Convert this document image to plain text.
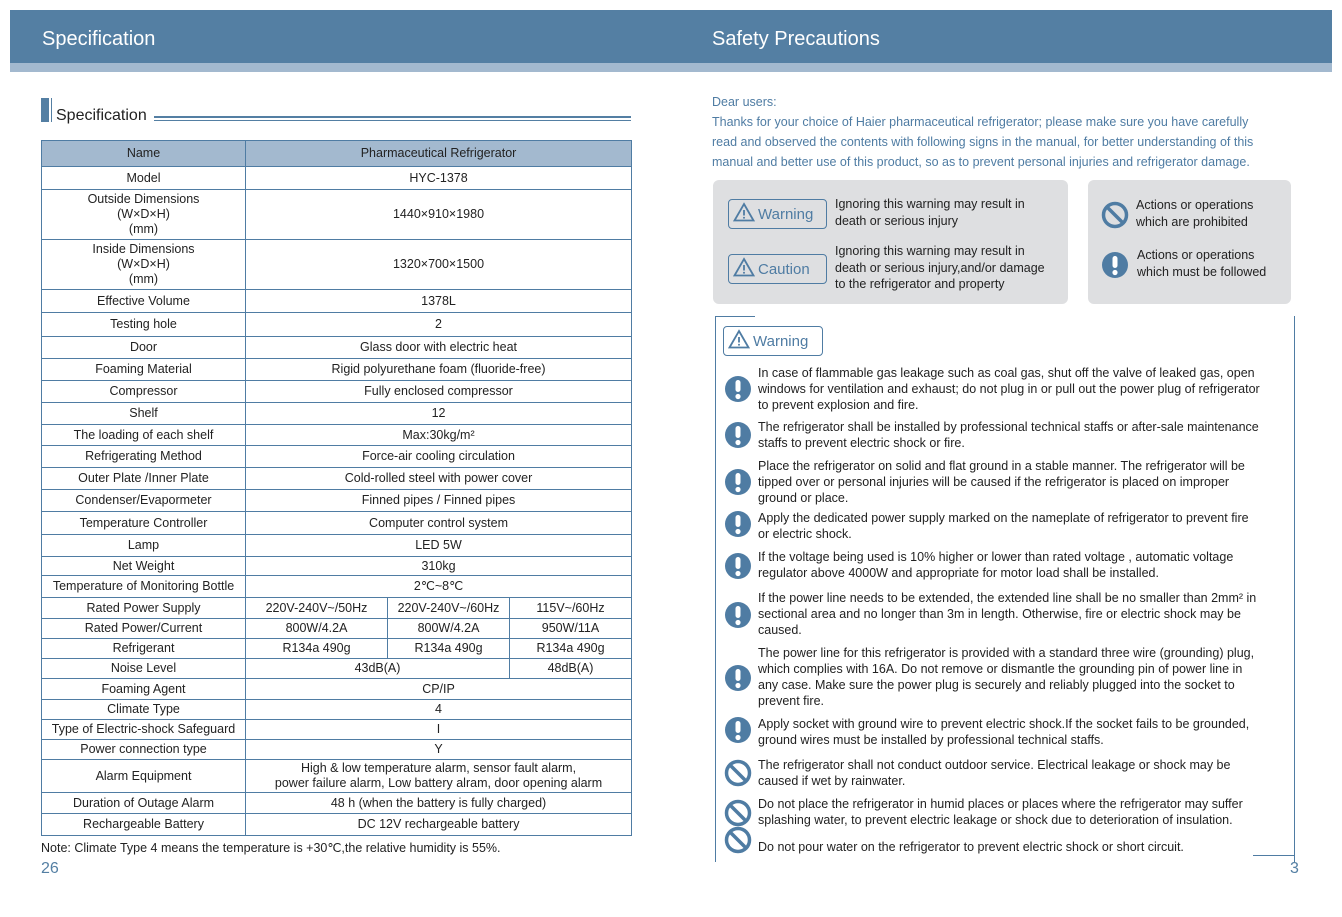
Specification	Safety Precautions
Specification
Name	Pharmaceutical Refrigerator		
Model	HYC-1378		
Outside Dimensions
(W×D×H)
(mm)	1440×910×1980		
Inside Dimensions
(W×D×H)
(mm)	1320×700×1500		
Effective Volume	1378L		
Testing hole	2		
Door	Glass door with electric heat		
Foaming Material	Rigid polyurethane foam (fluoride-free)		
Compressor	Fully enclosed compressor		
Shelf	12		
The loading of each shelf	Max:30kg/m²		
Refrigerating Method	Force-air cooling circulation		
Outer Plate /Inner Plate	Cold-rolled steel with power cover		
Condenser/Evapormeter	Finned pipes / Finned pipes		
Temperature Controller	Computer control system		
Lamp	LED 5W		
Net Weight	310kg		
Temperature of Monitoring Bottle	2℃~8℃		
Rated Power Supply	220V-240V~/50Hz	220V-240V~/60Hz	115V~/60Hz
Rated Power/Current	800W/4.2A	800W/4.2A	950W/11A
Refrigerant	R134a 490g	R134a 490g	R134a 490g
Noise Level	43dB(A)		48dB(A)
Foaming Agent	CP/IP		
Climate Type	4		
Type of Electric-shock Safeguard	I		
Power connection type	Y		
Alarm Equipment	High & low temperature alarm, sensor fault alarm,
power failure alarm, Low battery alram, door opening alarm		
Duration of Outage Alarm	48 h (when the battery is fully charged)		
Rechargeable Battery	DC 12V rechargeable battery		
Note: Climate Type 4 means the temperature is +30℃,the relative humidity is 55%.
26	3
Dear users:
Thanks for your choice of Haier pharmaceutical refrigerator; please make sure you have carefully
read and observed the contents with following signs in the manual, for better understanding of this
manual and better use of this product, so as to prevent personal injuries and refrigerator damage.
Warning
Caution
Ignoring this warning may result in
death or serious injury
Ignoring this warning may result in
death or serious injury,and/or damage
to the refrigerator and property
Actions or operations
which are prohibited
Actions or operations
which must be followed
Warning
In case of flammable gas leakage such as coal gas, shut off the valve of leaked gas, open
windows for ventilation and exhaust; do not plug in or pull out the power plug of refrigerator
to prevent explosion and fire.
The refrigerator shall be installed by professional technical staffs or after-sale maintenance
staffs to prevent electric shock or fire.
Place the refrigerator on solid and flat ground in a stable manner. The refrigerator will be
tipped over or personal injuries will be caused if the refrigerator is placed on improper
ground or place.
Apply the dedicated power supply marked on the nameplate of refrigerator to prevent fire
or electric shock.
If the voltage being used is 10% higher or lower than rated voltage , automatic voltage
regulator above 4000W and appropriate for motor load shall be installed.
If the power line needs to be extended, the extended line shall be no smaller than 2mm² in
sectional area and no longer than 3m in length. Otherwise, fire or electric shock may be
caused.
The power line for this refrigerator is provided with a standard three wire (grounding) plug,
which complies with 16A. Do not remove or dismantle the grounding pin of power line in
any case. Make sure the power plug is securely and reliably plugged into the socket to
prevent fire.
Apply socket with ground wire to prevent electric shock.If the socket fails to be grounded,
ground wires must be installed by professional technical staffs.
The refrigerator shall not conduct outdoor service. Electrical leakage or shock may be
caused if wet by rainwater.
Do not place the refrigerator in humid places or places where the refrigerator may suffer
splashing water, to prevent electric leakage or shock due to deterioration of insulation.
Do not pour water on the refrigerator to prevent electric shock or short circuit.
